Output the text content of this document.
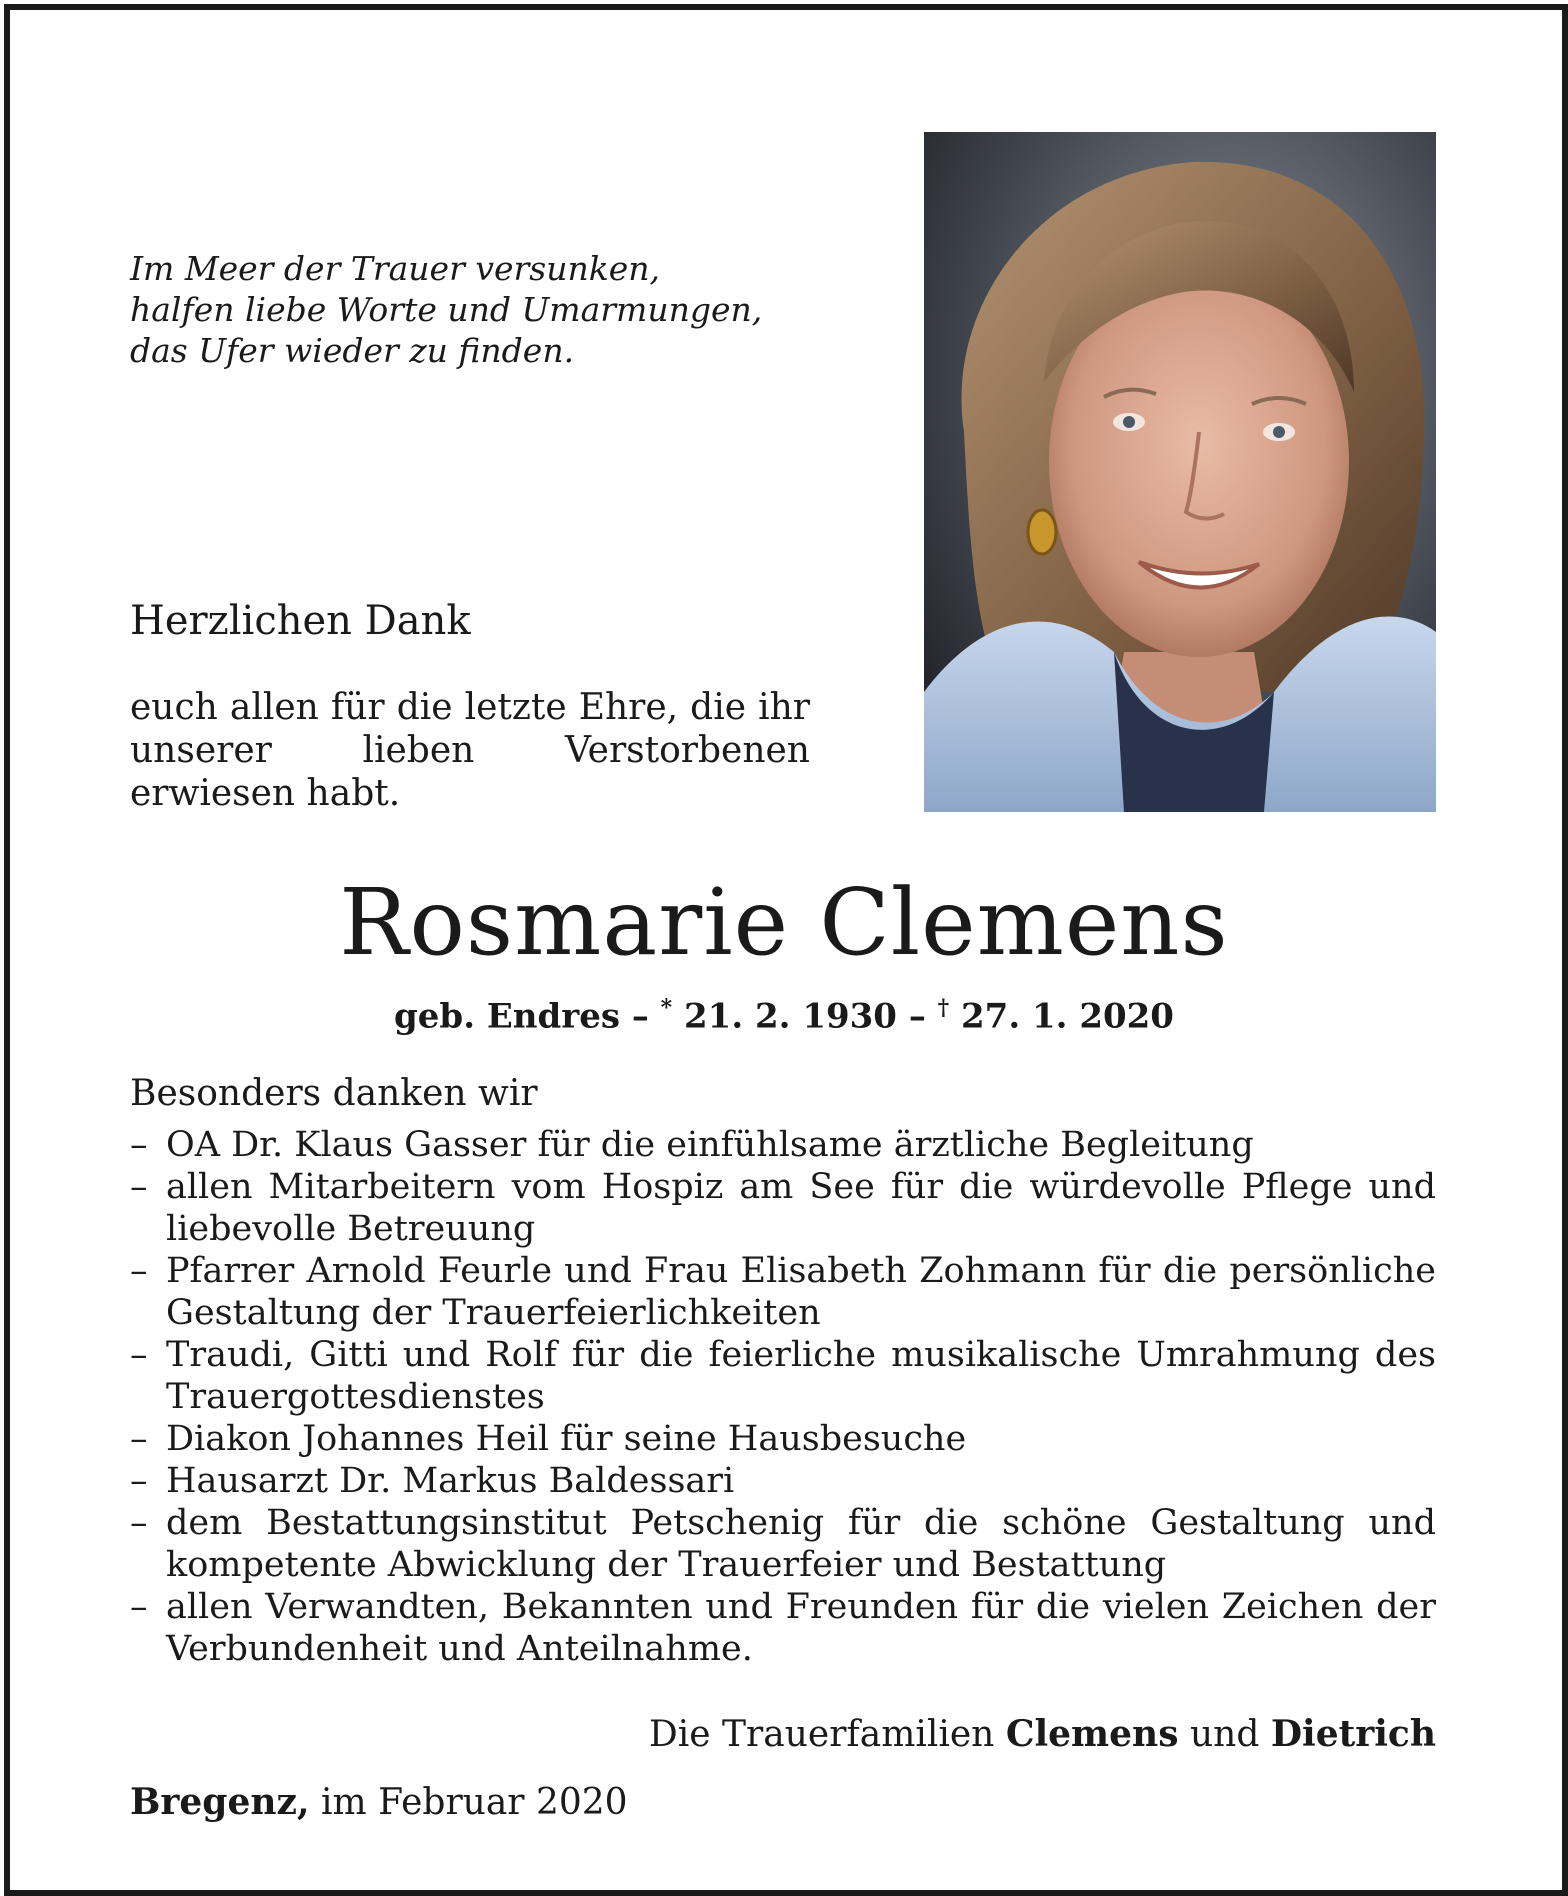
Im Meer der Trauer versunken,
halfen liebe Worte und Umarmungen,
das Ufer wieder zu finden.
Herzlichen Dank
euch allen für die letzte Ehre, die ihr unserer lieben Verstorbenen erwiesen habt.
Rosmarie Clemens
geb. Endres – * 21. 2. 1930 – † 27. 1. 2020
Besonders danken wir
– OA Dr. Klaus Gasser für die einfühlsame ärztliche Begleitung
– allen Mitarbeitern vom Hospiz am See für die würdevolle Pflege und liebevolle Betreuung
– Pfarrer Arnold Feurle und Frau Elisabeth Zohmann für die persönliche Gestaltung der Trauerfeierlichkeiten
– Traudi, Gitti und Rolf für die feierliche musikalische Umrahmung des Trauergottesdienstes
– Diakon Johannes Heil für seine Hausbesuche
– Hausarzt Dr. Markus Baldessari
– dem Bestattungsinstitut Petschenig für die schöne Gestaltung und kompetente Abwicklung der Trauerfeier und Bestattung
– allen Verwandten, Bekannten und Freunden für die vielen Zeichen der Verbundenheit und Anteilnahme.
Die Trauerfamilien Clemens und Dietrich
Bregenz, im Februar 2020
